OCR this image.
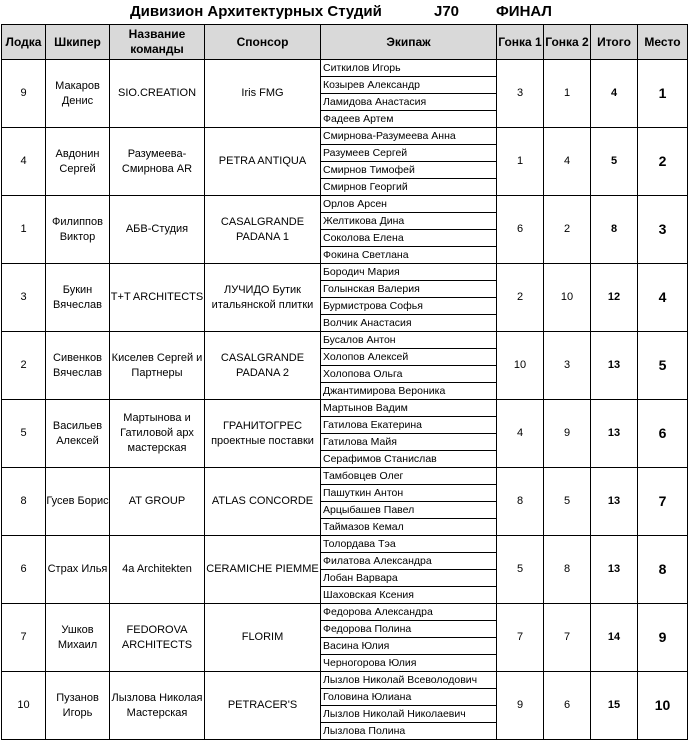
Дивизион Архитектурных Студий	J70 ФИНАЛ
Лодка	Шкипер	Название команды	Спонсор	Экипаж	Гонка 1	Гонка 2	Итого	Место
9	Макаров Денис	SIO.CREATION	Iris FMG	Ситкилов Игорь	3	1	4	1
				Козырев Александр				
				Ламидова Анастасия				
				Фадеев Артем				
4	Авдонин Сергей	Разумеева-Смирнова AR	PETRA ANTIQUA	Смирнова-Разумеева Анна	1	4	5	2
				Разумеев Сергей				
				Смирнов Тимофей				
				Смирнов Георгий				
1	Филиппов Виктор	АБВ-Студия	CASALGRANDE PADANA 1	Орлов Арсен	6	2	8	3
				Желтикова Дина				
				Соколова Елена				
				Фокина Светлана				
3	Букин Вячеслав	T+T ARCHITECTS	ЛУЧИДО Бутик итальянской плитки	Бородич Мария	2	10	12	4
				Голынская Валерия				
				Бурмистрова Софья				
				Волчик Анастасия				
2	Сивенков Вячеслав	Киселев Сергей и Партнеры	CASALGRANDE PADANA 2	Бусалов Антон	10	3	13	5
				Холопов Алексей				
				Холопова Ольга				
				Джантимирова Вероника				
5	Васильев Алексей	Мартынова и Гатиловой арх мастерская	ГРАНИТОГРЕС проектные поставки	Мартынов Вадим	4	9	13	6
				Гатилова Екатерина				
				Гатилова Майя				
				Серафимов Станислав				
8	Гусев Борис	AT GROUP	ATLAS CONCORDE	Тамбовцев Олег	8	5	13	7
				Пашуткин Антон				
				Арцыбашев Павел				
				Таймазов Кемал				
6	Страх Илья	4a Architekten	CERAMICHE PIEMME	Толордава Тэа	5	8	13	8
				Филатова Александра				
				Лобан Варвара				
				Шаховская Ксения				
7	Ушков Михаил	FEDOROVA ARCHITECTS	FLORIM	Федорова Александра	7	7	14	9
				Федорова Полина				
				Васина Юлия				
				Черногорова Юлия				
10	Пузанов Игорь	Лызлова Николая Мастерская	PETRACER'S	Лызлов Николай Всеволодович	9	6	15	10
				Головина Юлиана				
				Лызлов Николай Николаевич				
				Лызлова Полина				
